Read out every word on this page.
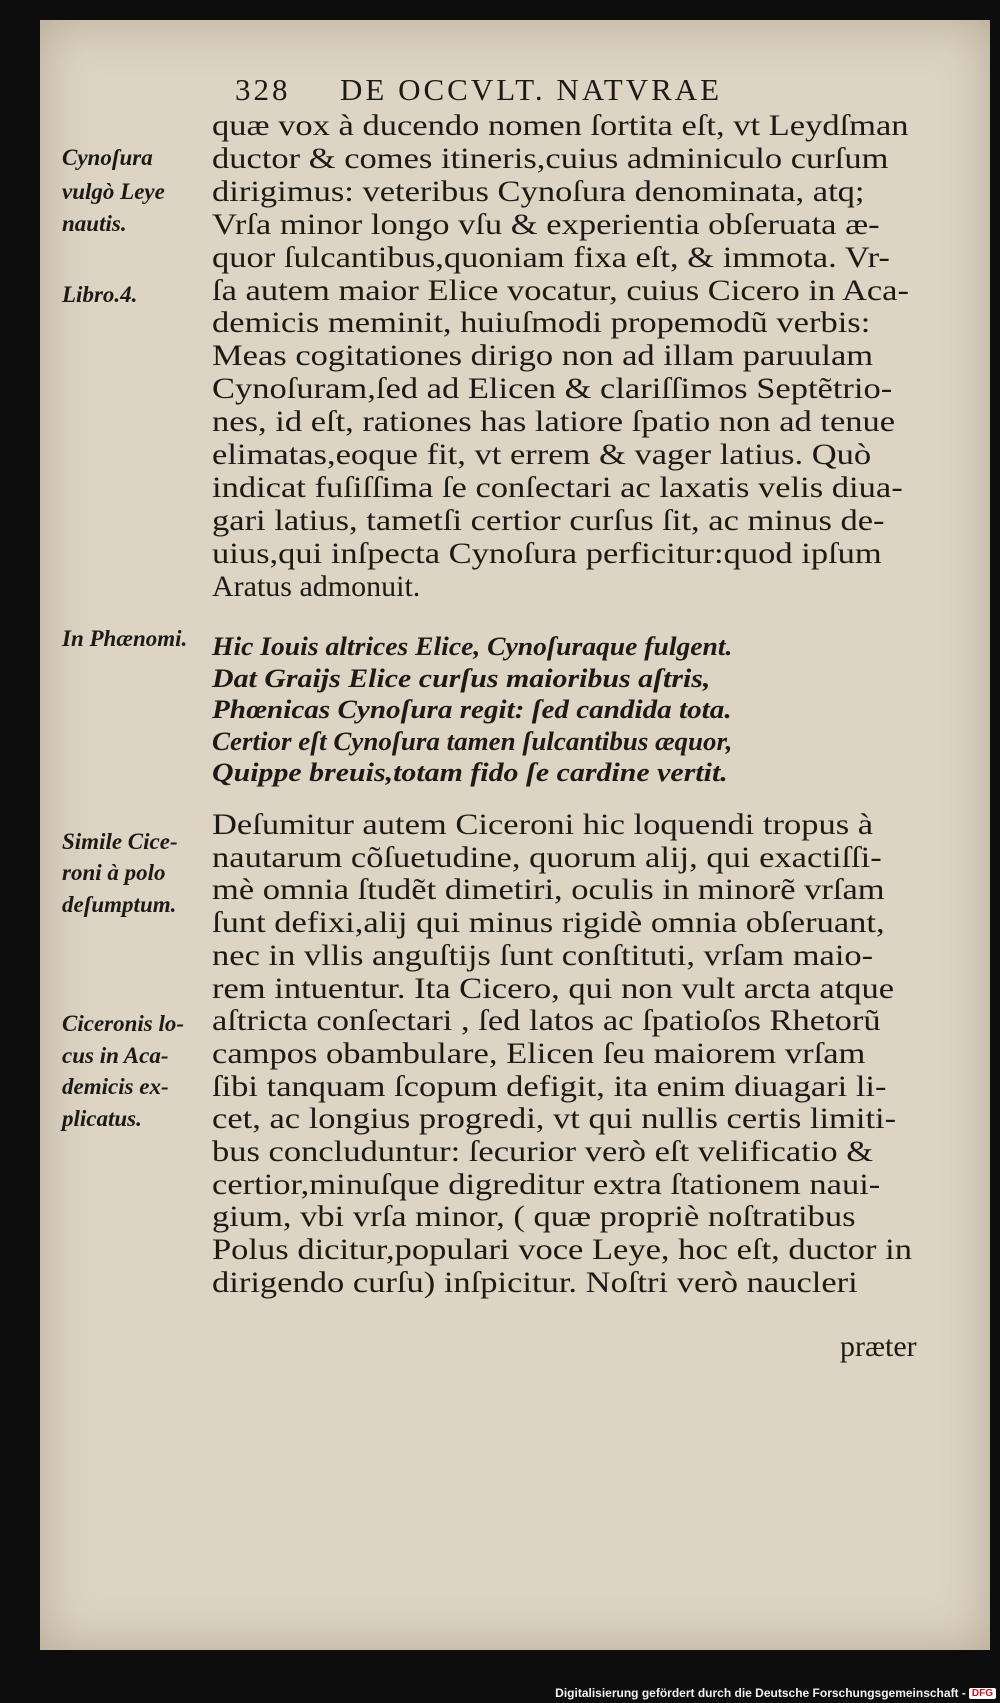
328 DE OCCVLT. NATVRAE
quæ vox à ducendo nomen ſortita eſt, vt Leydſman
ductor & comes itineris,cuius adminiculo curſum
dirigimus: veteribus Cynoſura denominata, atq;
Vrſa minor longo vſu & experientia obſeruata æ-
quor ſulcantibus,quoniam fixa eſt, & immota. Vr-
ſa autem maior Elice vocatur, cuius Cicero in Aca-
demicis meminit, huiuſmodi propemodũ verbis:
Meas cogitationes dirigo non ad illam paruulam
Cynoſuram,ſed ad Elicen & clariſſimos Septẽtrio-
nes, id eſt, rationes has latiore ſpatio non ad tenue
elimatas,eoque fit, vt errem & vager latius. Quò
indicat fuſiſſima ſe conſectari ac laxatis velis diua-
gari latius, tametſi certior curſus ſit, ac minus de-
uius,qui inſpecta Cynoſura perficitur:quod ipſum
Aratus admonuit.
Hic Iouis altrices Elice, Cynoſuraque fulgent.
Dat Graijs Elice curſus maioribus aſtris,
Phœnicas Cynoſura regit: ſed candida tota.
Certior eſt Cynoſura tamen ſulcantibus æquor,
Quippe breuis,totam fido ſe cardine vertit.
Deſumitur autem Ciceroni hic loquendi tropus à
nautarum cõſuetudine, quorum alij, qui exactiſſi-
mè omnia ſtudẽt dimetiri, oculis in minorẽ vrſam
ſunt defixi,alij qui minus rigidè omnia obſeruant,
nec in vllis anguſtijs ſunt conſtituti, vrſam maio-
rem intuentur. Ita Cicero, qui non vult arcta atque
aſtricta conſectari , ſed latos ac ſpatioſos Rhetorũ
campos obambulare, Elicen ſeu maiorem vrſam
ſibi tanquam ſcopum defigit, ita enim diuagari li-
cet, ac longius progredi, vt qui nullis certis limiti-
bus concluduntur: ſecurior verò eſt velificatio &
certior,minuſque digreditur extra ſtationem naui-
gium, vbi vrſa minor, ( quæ propriè noſtratibus
Polus dicitur,populari voce Leye, hoc eſt, ductor in
dirigendo curſu) inſpicitur. Noſtri verò naucleri
Cynoſura
vulgò Leye
nautis.
Libro.4.
In Phænomi.
Simile Cice-
roni à polo
deſumptum.
Ciceronis lo-
cus in Aca-
demicis ex-
plicatus.
præter
Digitalisierung gefördert durch die Deutsche Forschungsgemeinschaft - DFG
